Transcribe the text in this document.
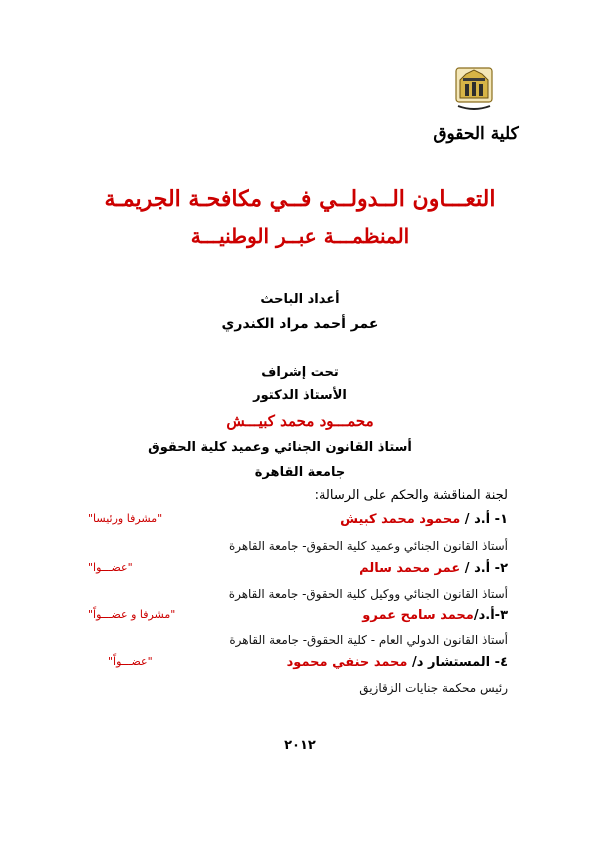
كلية الحقوق
التعـــاون الــدولــي فــي مكافحـة الجريمـة
المنظمـــة عبــر الوطنيـــة
أعداد الباحث
عمر أحمد مراد الكندري
تحت إشراف
الأستاذ الدكتور
محمـــود محمد كبيـــش
أستاذ القانون الجنائي وعميد كلية الحقوق
جامعة القاهرة
لجنة المناقشة والحكم على الرسالة:
١- أ.د / محمود محمد كبيش
"مشرفا ورئيسا"
أستاذ القانون الجنائي وعميد كلية الحقوق- جامعة القاهرة
٢- أ.د / عمر محمد سالم
"عضـــوا"
أستاذ القانون الجنائي ووكيل كلية الحقوق- جامعة القاهرة
٣-أ.د/محمد سامح عمرو
"مشرفا و عضـــواً"
أستاذ القانون الدولي العام - كلية الحقوق- جامعة القاهرة
٤- المستشار د/ محمد حنفي محمود
"عضـــواً"
رئيس محكمة جنايات الزقازيق
٢٠١٢
